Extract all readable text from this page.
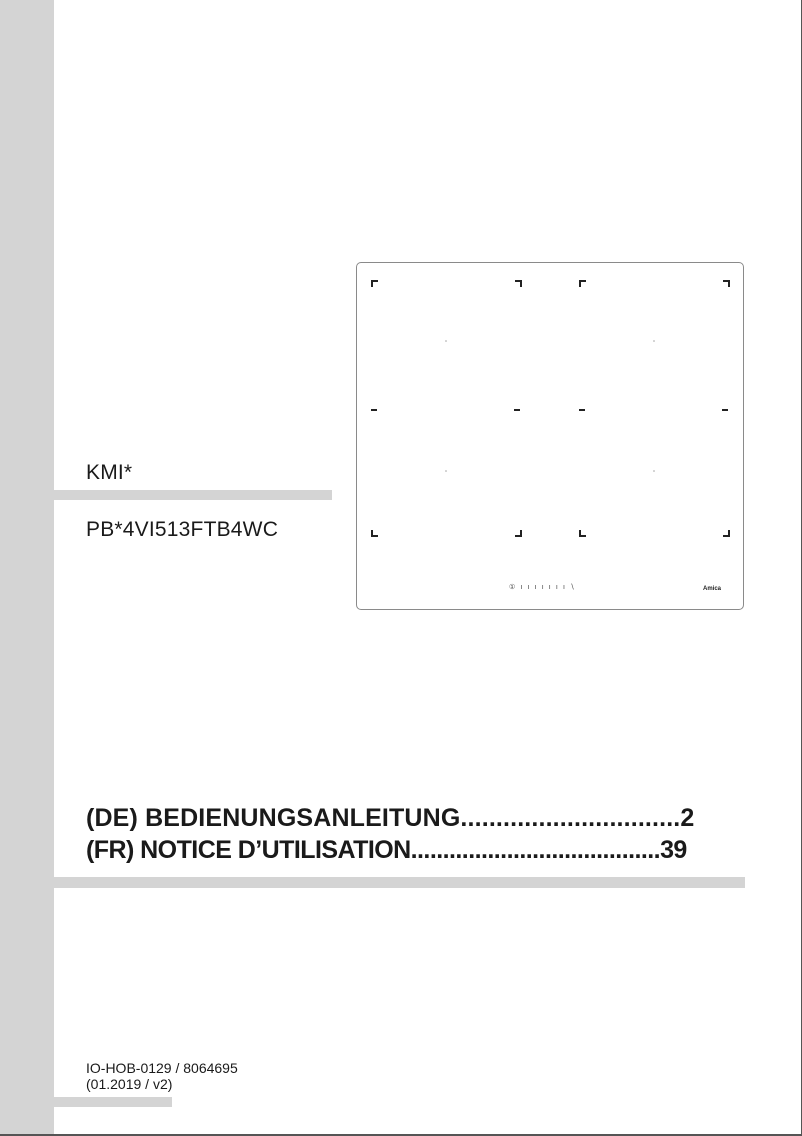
KMI*
PB*4VI513FTB4WC
°	°
°	°
① ı ı ı ı ı ı ı ∖	Amica
(DE) BEDIENUNGSANLEITUNG...............................2
(FR) NOTICE D’UTILISATION.......................................39
IO-HOB-0129 / 8064695
(01.2019 / v2)
